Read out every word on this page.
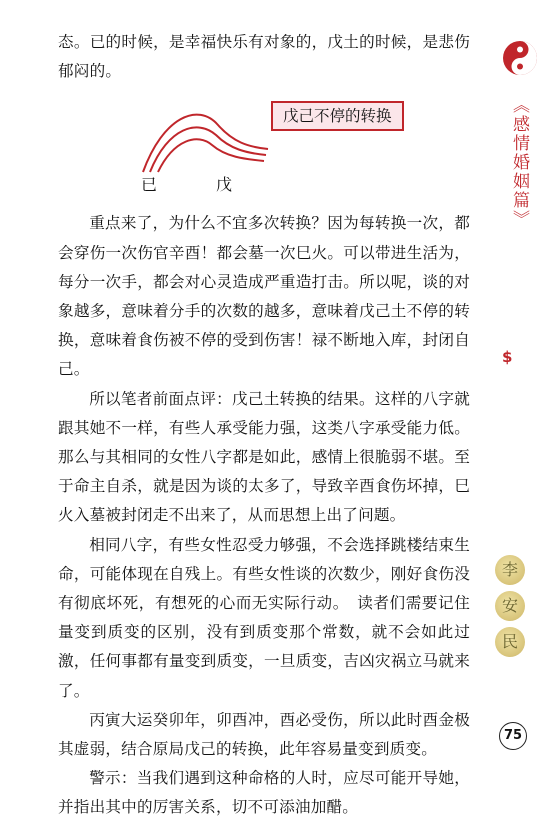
态。已的时候，是幸福快乐有对象的，戊土的时候，是悲伤郁闷的。

戊己不停的转换
已	戊

重点来了，为什么不宜多次转换？因为每转换一次，都会穿伤一次伤官辛酉！都会墓一次巳火。可以带进生活为，每分一次手，都会对心灵造成严重造打击。所以呢，谈的对象越多，意味着分手的次数的越多，意味着戊己土不停的转换，意味着食伤被不停的受到伤害！禄不断地入库，封闭自己。

所以笔者前面点评：戊己土转换的结果。这样的八字就跟其她不一样，有些人承受能力强，这类八字承受能力低。那么与其相同的女性八字都是如此，感情上很脆弱不堪。至于命主自杀，就是因为谈的太多了，导致辛酉食伤坏掉，巳火入墓被封闭走不出来了，从而思想上出了问题。

相同八字，有些女性忍受力够强，不会选择跳楼结束生命，可能体现在自残上。有些女性谈的次数少，刚好食伤没有彻底坏死，有想死的心而无实际行动。　读者们需要记住量变到质变的区别，没有到质变那个常数，就不会如此过激，任何事都有量变到质变，一旦质变，吉凶灾祸立马就来了。

丙寅大运癸卯年，卯酉冲，酉必受伤，所以此时酉金极其虚弱，结合原局戊己的转换，此年容易量变到质变。

警示：当我们遇到这种命格的人时，应尽可能开导她，并指出其中的厉害关系，切不可添油加醋。

《感情婚姻篇》
$
李
安
民
75
